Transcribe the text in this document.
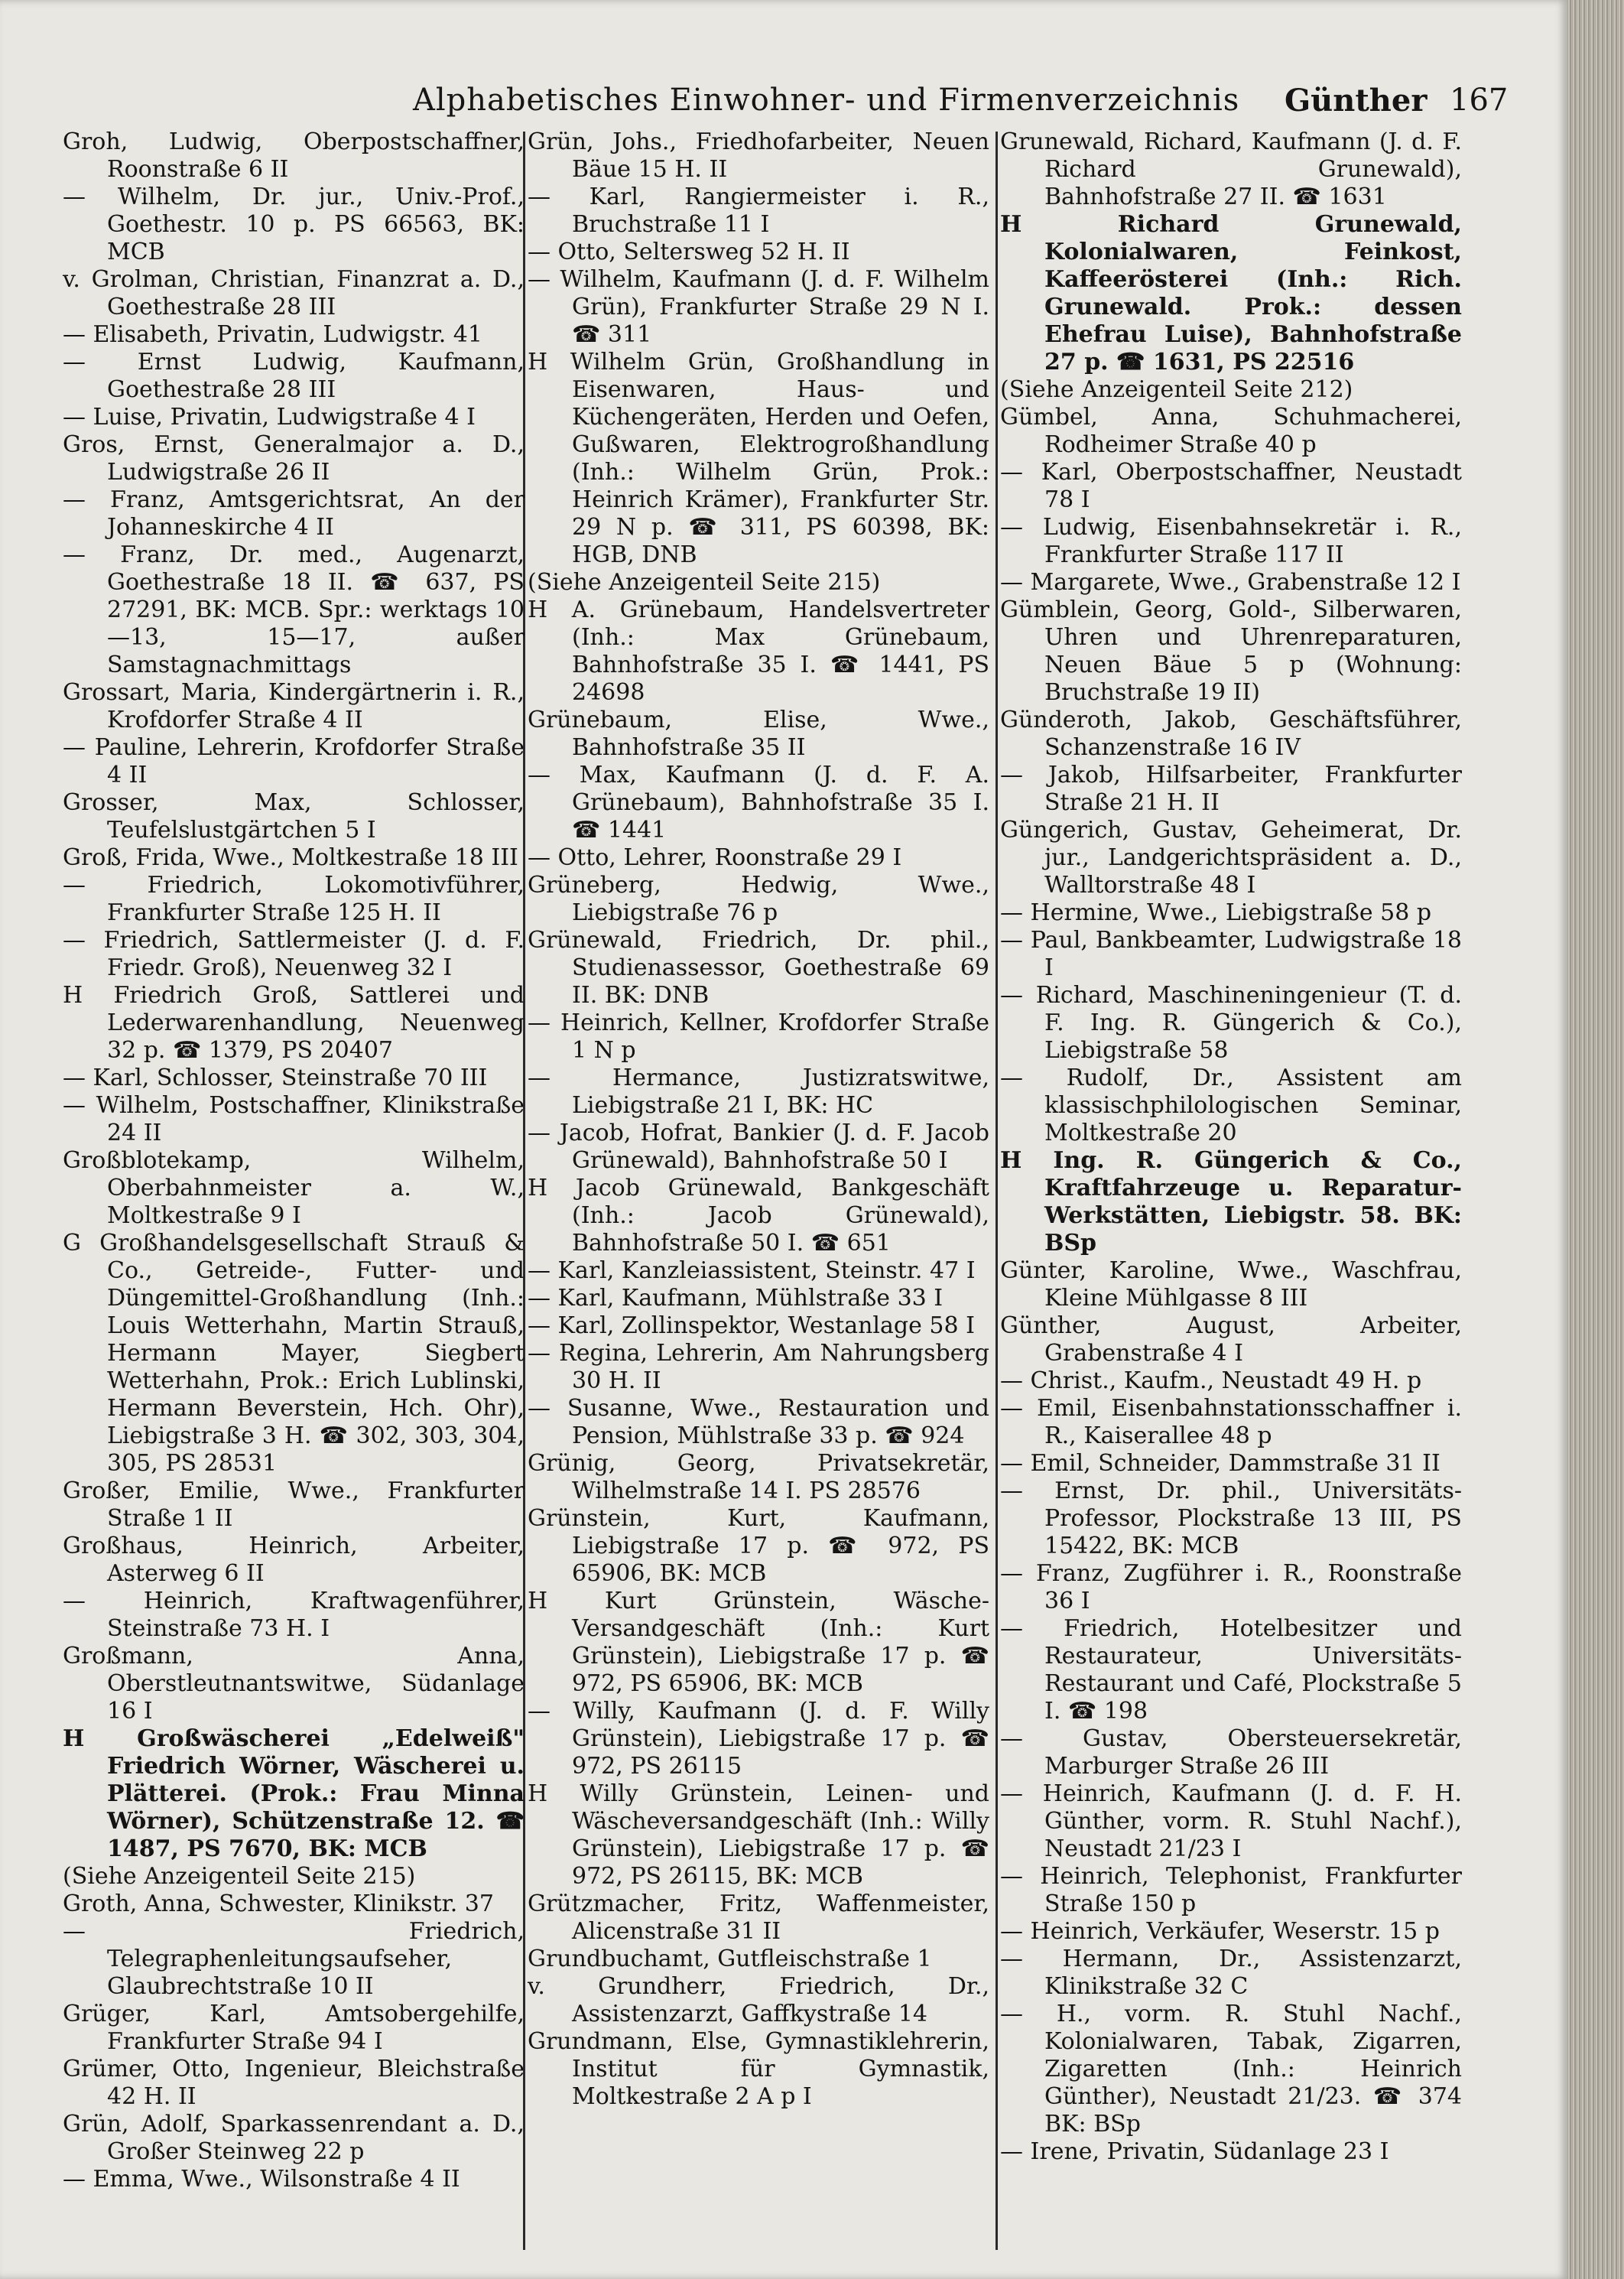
Alphabetisches Einwohner- und Firmenverzeichnis Günther 167
Groh, Ludwig, Oberpostschaffner, Roonstraße 6 II
— Wilhelm, Dr. jur., Univ.-Prof., Goethestr. 10 p. PS 66563, BK: MCB
v. Grolman, Christian, Finanzrat a. D., Goethestraße 28 III
— Elisabeth, Privatin, Ludwigstr. 41
— Ernst Ludwig, Kaufmann, Goethestraße 28 III
— Luise, Privatin, Ludwigstraße 4 I
Gros, Ernst, Generalmajor a. D., Ludwigstraße 26 II
— Franz, Amtsgerichtsrat, An der Johanneskirche 4 II
— Franz, Dr. med., Augenarzt, Goethestraße 18 II. ☎ 637, PS 27291, BK: MCB. Spr.: werktags 10—13, 15—17, außer Samstagnachmittags
Grossart, Maria, Kindergärtnerin i. R., Krofdorfer Straße 4 II
— Pauline, Lehrerin, Krofdorfer Straße 4 II
Grosser, Max, Schlosser, Teufelslustgärtchen 5 I
Groß, Frida, Wwe., Moltkestraße 18 III
— Friedrich, Lokomotivführer, Frankfurter Straße 125 H. II
— Friedrich, Sattlermeister (J. d. F. Friedr. Groß), Neuenweg 32 I
H Friedrich Groß, Sattlerei und Lederwarenhandlung, Neuenweg 32 p. ☎ 1379, PS 20407
— Karl, Schlosser, Steinstraße 70 III
— Wilhelm, Postschaffner, Klinikstraße 24 II
Großblotekamp, Wilhelm, Oberbahnmeister a. W., Moltkestraße 9 I
G Großhandelsgesellschaft Strauß & Co., Getreide-, Futter- und Düngemittel-Großhandlung (Inh.: Louis Wetterhahn, Martin Strauß, Hermann Mayer, Siegbert Wetterhahn, Prok.: Erich Lublinski, Hermann Beverstein, Hch. Ohr), Liebigstraße 3 H. ☎ 302, 303, 304, 305, PS 28531
Großer, Emilie, Wwe., Frankfurter Straße 1 II
Großhaus, Heinrich, Arbeiter, Asterweg 6 II
— Heinrich, Kraftwagenführer, Steinstraße 73 H. I
Großmann, Anna, Oberstleutnantswitwe, Südanlage 16 I
H Großwäscherei „Edelweiß" Friedrich Wörner, Wäscherei u. Plätterei. (Prok.: Frau Minna Wörner), Schützenstraße 12. ☎ 1487, PS 7670, BK: MCB
(Siehe Anzeigenteil Seite 215)
Groth, Anna, Schwester, Klinikstr. 37
— Friedrich, Telegraphenleitungsaufseher, Glaubrechtstraße 10 II
Grüger, Karl, Amtsobergehilfe, Frankfurter Straße 94 I
Grümer, Otto, Ingenieur, Bleichstraße 42 H. II
Grün, Adolf, Sparkassenrendant a. D., Großer Steinweg 22 p
— Emma, Wwe., Wilsonstraße 4 II
Grün, Johs., Friedhofarbeiter, Neuen Bäue 15 H. II
— Karl, Rangiermeister i. R., Bruchstraße 11 I
— Otto, Seltersweg 52 H. II
— Wilhelm, Kaufmann (J. d. F. Wilhelm Grün), Frankfurter Straße 29 N I. ☎ 311
H Wilhelm Grün, Großhandlung in Eisenwaren, Haus- und Küchengeräten, Herden und Oefen, Gußwaren, Elektrogroßhandlung (Inh.: Wilhelm Grün, Prok.: Heinrich Krämer), Frankfurter Str. 29 N p. ☎ 311, PS 60398, BK: HGB, DNB
(Siehe Anzeigenteil Seite 215)
H A. Grünebaum, Handelsvertreter (Inh.: Max Grünebaum, Bahnhofstraße 35 I. ☎ 1441, PS 24698
Grünebaum, Elise, Wwe., Bahnhofstraße 35 II
— Max, Kaufmann (J. d. F. A. Grünebaum), Bahnhofstraße 35 I. ☎ 1441
— Otto, Lehrer, Roonstraße 29 I
Grüneberg, Hedwig, Wwe., Liebigstraße 76 p
Grünewald, Friedrich, Dr. phil., Studienassessor, Goethestraße 69 II. BK: DNB
— Heinrich, Kellner, Krofdorfer Straße 1 N p
— Hermance, Justizratswitwe, Liebigstraße 21 I, BK: HC
— Jacob, Hofrat, Bankier (J. d. F. Jacob Grünewald), Bahnhofstraße 50 I
H Jacob Grünewald, Bankgeschäft (Inh.: Jacob Grünewald), Bahnhofstraße 50 I. ☎ 651
— Karl, Kanzleiassistent, Steinstr. 47 I
— Karl, Kaufmann, Mühlstraße 33 I
— Karl, Zollinspektor, Westanlage 58 I
— Regina, Lehrerin, Am Nahrungsberg 30 H. II
— Susanne, Wwe., Restauration und Pension, Mühlstraße 33 p. ☎ 924
Grünig, Georg, Privatsekretär, Wilhelmstraße 14 I. PS 28576
Grünstein, Kurt, Kaufmann, Liebigstraße 17 p. ☎ 972, PS 65906, BK: MCB
H Kurt Grünstein, Wäsche-Versandgeschäft (Inh.: Kurt Grünstein), Liebigstraße 17 p. ☎ 972, PS 65906, BK: MCB
— Willy, Kaufmann (J. d. F. Willy Grünstein), Liebigstraße 17 p. ☎ 972, PS 26115
H Willy Grünstein, Leinen- und Wäscheversandgeschäft (Inh.: Willy Grünstein), Liebigstraße 17 p. ☎ 972, PS 26115, BK: MCB
Grützmacher, Fritz, Waffenmeister, Alicenstraße 31 II
Grundbuchamt, Gutfleischstraße 1
v. Grundherr, Friedrich, Dr., Assistenzarzt, Gaffkystraße 14
Grundmann, Else, Gymnastiklehrerin, Institut für Gymnastik, Moltkestraße 2 A p I
Grunewald, Richard, Kaufmann (J. d. F. Richard Grunewald), Bahnhofstraße 27 II. ☎ 1631
H Richard Grunewald, Kolonialwaren, Feinkost, Kaffeerösterei (Inh.: Rich. Grunewald. Prok.: dessen Ehefrau Luise), Bahnhofstraße 27 p. ☎ 1631, PS 22516
(Siehe Anzeigenteil Seite 212)
Gümbel, Anna, Schuhmacherei, Rodheimer Straße 40 p
— Karl, Oberpostschaffner, Neustadt 78 I
— Ludwig, Eisenbahnsekretär i. R., Frankfurter Straße 117 II
— Margarete, Wwe., Grabenstraße 12 I
Gümblein, Georg, Gold-, Silberwaren, Uhren und Uhrenreparaturen, Neuen Bäue 5 p (Wohnung: Bruchstraße 19 II)
Günderoth, Jakob, Geschäftsführer, Schanzenstraße 16 IV
— Jakob, Hilfsarbeiter, Frankfurter Straße 21 H. II
Güngerich, Gustav, Geheimerat, Dr. jur., Landgerichtspräsident a. D., Walltorstraße 48 I
— Hermine, Wwe., Liebigstraße 58 p
— Paul, Bankbeamter, Ludwigstraße 18 I
— Richard, Maschineningenieur (T. d. F. Ing. R. Güngerich & Co.), Liebigstraße 58
— Rudolf, Dr., Assistent am klassischphilologischen Seminar, Moltkestraße 20
H Ing. R. Güngerich & Co., Kraftfahrzeuge u. Reparatur-Werkstätten, Liebigstr. 58. BK: BSp
Günter, Karoline, Wwe., Waschfrau, Kleine Mühlgasse 8 III
Günther, August, Arbeiter, Grabenstraße 4 I
— Christ., Kaufm., Neustadt 49 H. p
— Emil, Eisenbahnstationsschaffner i. R., Kaiserallee 48 p
— Emil, Schneider, Dammstraße 31 II
— Ernst, Dr. phil., Universitäts-Professor, Plockstraße 13 III, PS 15422, BK: MCB
— Franz, Zugführer i. R., Roonstraße 36 I
— Friedrich, Hotelbesitzer und Restaurateur, Universitäts-Restaurant und Café, Plockstraße 5 I. ☎ 198
— Gustav, Obersteuersekretär, Marburger Straße 26 III
— Heinrich, Kaufmann (J. d. F. H. Günther, vorm. R. Stuhl Nachf.), Neustadt 21/23 I
— Heinrich, Telephonist, Frankfurter Straße 150 p
— Heinrich, Verkäufer, Weserstr. 15 p
— Hermann, Dr., Assistenzarzt, Klinikstraße 32 C
— H., vorm. R. Stuhl Nachf., Kolonialwaren, Tabak, Zigarren, Zigaretten (Inh.: Heinrich Günther), Neustadt 21/23. ☎ 374 BK: BSp
— Irene, Privatin, Südanlage 23 I
